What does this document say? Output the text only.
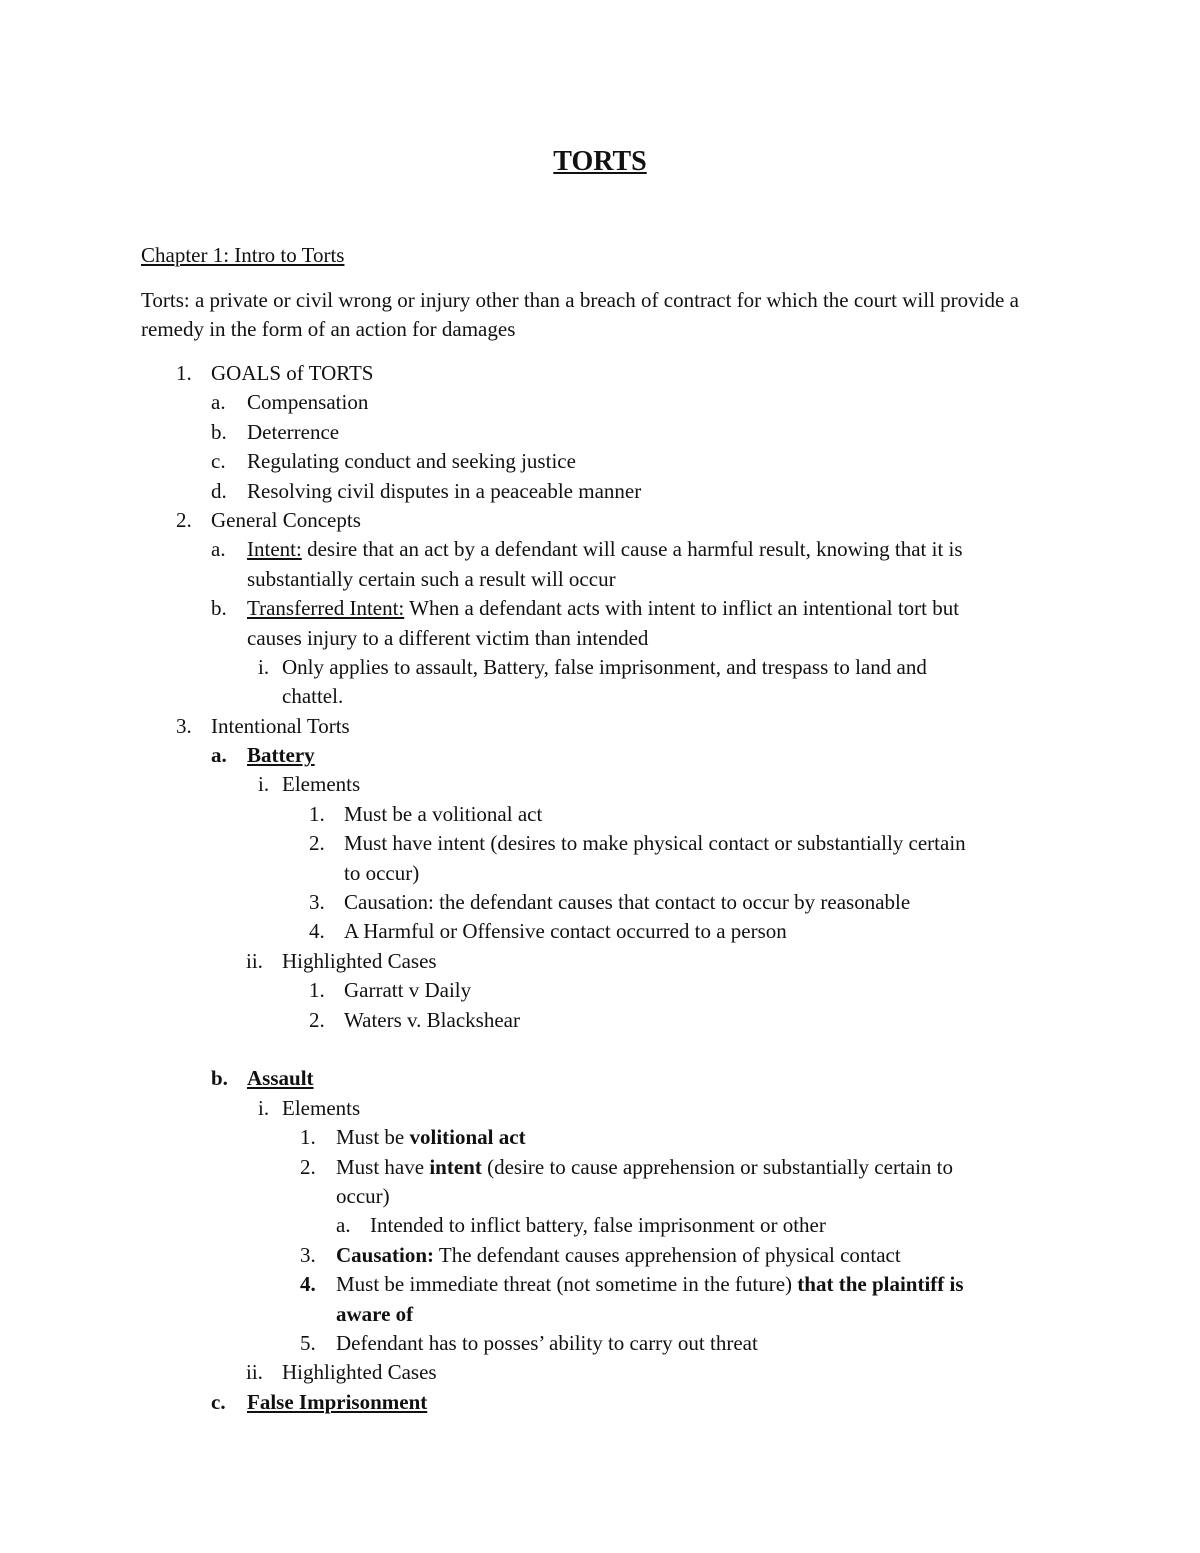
TORTS
Chapter 1: Intro to Torts
Torts: a private or civil wrong or injury other than a breach of contract for which the court will provide a remedy in the form of an action for damages
1. GOALS of TORTS
a. Compensation
b. Deterrence
c. Regulating conduct and seeking justice
d. Resolving civil disputes in a peaceable manner
2. General Concepts
a. Intent: desire that an act by a defendant will cause a harmful result, knowing that it is
substantially certain such a result will occur
b. Transferred Intent: When a defendant acts with intent to inflict an intentional tort but
causes injury to a different victim than intended
i. Only applies to assault, Battery, false imprisonment, and trespass to land and
chattel.
3. Intentional Torts
a. Battery
i. Elements
1. Must be a volitional act
2. Must have intent (desires to make physical contact or substantially certain
to occur)
3. Causation: the defendant causes that contact to occur by reasonable
4. A Harmful or Offensive contact occurred to a person
ii. Highlighted Cases
1. Garratt v Daily
2. Waters v. Blackshear
b. Assault
i. Elements
1. Must be volitional act
2. Must have intent (desire to cause apprehension or substantially certain to
occur)
a. Intended to inflict battery, false imprisonment or other
3. Causation: The defendant causes apprehension of physical contact
4. Must be immediate threat (not sometime in the future) that the plaintiff is
aware of
5. Defendant has to posses’ ability to carry out threat
ii. Highlighted Cases
c. False Imprisonment
